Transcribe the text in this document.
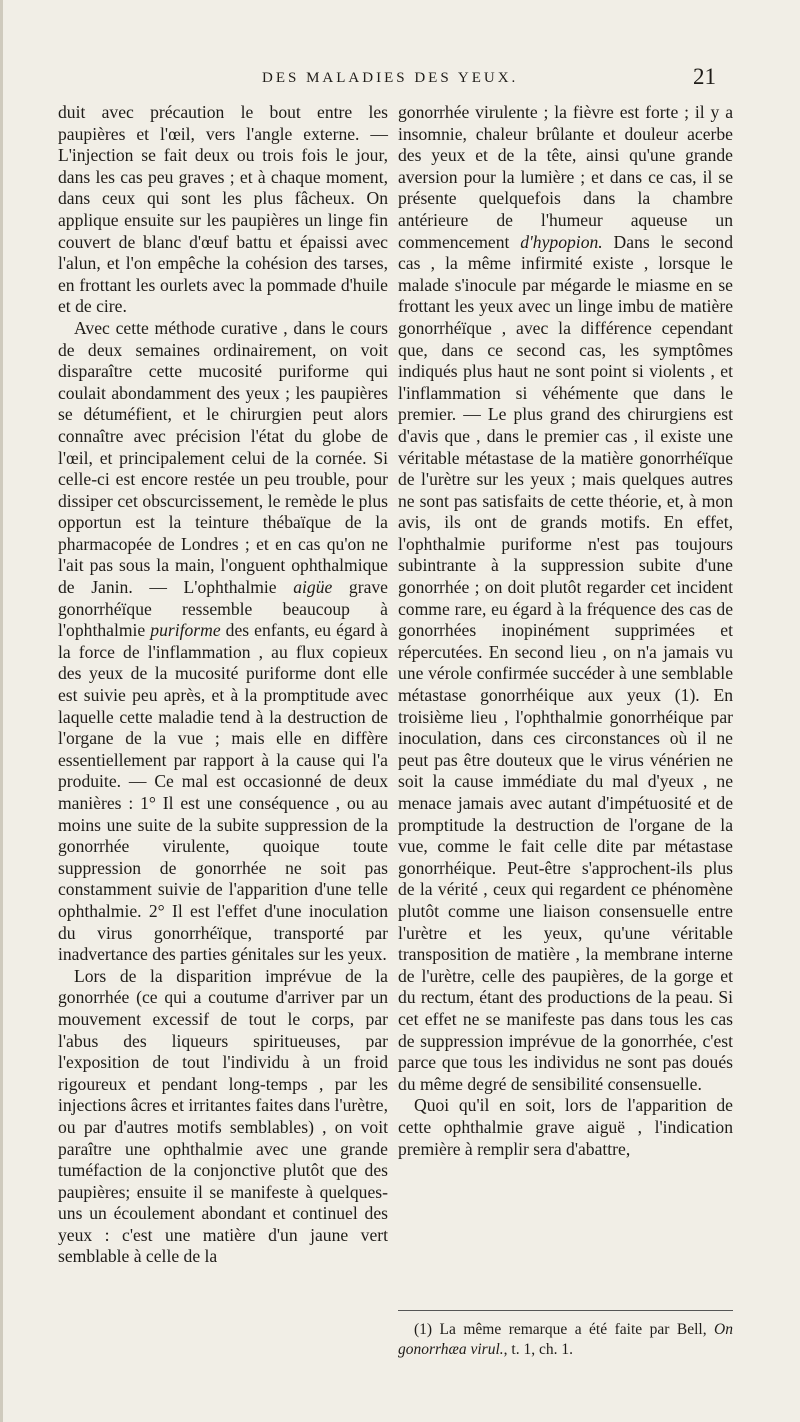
DES MALADIES DES YEUX.	21

duit avec précaution le bout entre les paupières et l'œil, vers l'angle externe. — L'injection se fait deux ou trois fois le jour, dans les cas peu graves ; et à chaque moment, dans ceux qui sont les plus fâcheux. On applique ensuite sur les paupières un linge fin couvert de blanc d'œuf battu et épaissi avec l'alun, et l'on empêche la cohésion des tarses, en frottant les ourlets avec la pommade d'huile et de cire.

Avec cette méthode curative , dans le cours de deux semaines ordinairement, on voit disparaître cette mucosité puriforme qui coulait abondamment des yeux ; les paupières se détuméfient, et le chirurgien peut alors connaître avec précision l'état du globe de l'œil, et principalement celui de la cornée. Si celle-ci est encore restée un peu trouble, pour dissiper cet obscurcissement, le remède le plus opportun est la teinture thébaïque de la pharmacopée de Londres ; et en cas qu'on ne l'ait pas sous la main, l'onguent ophthalmique de Janin. — L'ophthalmie aigüe grave gonorrhéïque ressemble beaucoup à l'ophthalmie puriforme des enfants, eu égard à la force de l'inflammation , au flux copieux des yeux de la mucosité puriforme dont elle est suivie peu après, et à la promptitude avec laquelle cette maladie tend à la destruction de l'organe de la vue ; mais elle en diffère essentiellement par rapport à la cause qui l'a produite. — Ce mal est occasionné de deux manières : 1° Il est une conséquence , ou au moins une suite de la subite suppression de la gonorrhée virulente, quoique toute suppression de gonorrhée ne soit pas constamment suivie de l'apparition d'une telle ophthalmie. 2° Il est l'effet d'une inoculation du virus gonorrhéïque, transporté par inadvertance des parties génitales sur les yeux.

Lors de la disparition imprévue de la gonorrhée (ce qui a coutume d'arriver par un mouvement excessif de tout le corps, par l'abus des liqueurs spiritueuses, par l'exposition de tout l'individu à un froid rigoureux et pendant long-temps , par les injections âcres et irritantes faites dans l'urètre, ou par d'autres motifs semblables) , on voit paraître une ophthalmie avec une grande tuméfaction de la conjonctive plutôt que des paupières; ensuite il se manifeste à quelques-uns un écoulement abondant et continuel des yeux : c'est une matière d'un jaune vert semblable à celle de la

gonorrhée virulente ; la fièvre est forte ; il y a insomnie, chaleur brûlante et douleur acerbe des yeux et de la tête, ainsi qu'une grande aversion pour la lumière ; et dans ce cas, il se présente quelquefois dans la chambre antérieure de l'humeur aqueuse un commencement d'hypopion. Dans le second cas , la même infirmité existe , lorsque le malade s'inocule par mégarde le miasme en se frottant les yeux avec un linge imbu de matière gonorrhéïque , avec la différence cependant que, dans ce second cas, les symptômes indiqués plus haut ne sont point si violents , et l'inflammation si véhémente que dans le premier. — Le plus grand des chirurgiens est d'avis que , dans le premier cas , il existe une véritable métastase de la matière gonorrhéïque de l'urètre sur les yeux ; mais quelques autres ne sont pas satisfaits de cette théorie, et, à mon avis, ils ont de grands motifs. En effet, l'ophthalmie puriforme n'est pas toujours subintrante à la suppression subite d'une gonorrhée ; on doit plutôt regarder cet incident comme rare, eu égard à la fréquence des cas de gonorrhées inopinément supprimées et répercutées. En second lieu , on n'a jamais vu une vérole confirmée succéder à une semblable métastase gonorrhéique aux yeux (1). En troisième lieu , l'ophthalmie gonorrhéique par inoculation, dans ces circonstances où il ne peut pas être douteux que le virus vénérien ne soit la cause immédiate du mal d'yeux , ne menace jamais avec autant d'impétuosité et de promptitude la destruction de l'organe de la vue, comme le fait celle dite par métastase gonorrhéique. Peut-être s'approchent-ils plus de la vérité , ceux qui regardent ce phénomène plutôt comme une liaison consensuelle entre l'urètre et les yeux, qu'une véritable transposition de matière , la membrane interne de l'urètre, celle des paupières, de la gorge et du rectum, étant des productions de la peau. Si cet effet ne se manifeste pas dans tous les cas de suppression imprévue de la gonorrhée, c'est parce que tous les individus ne sont pas doués du même degré de sensibilité consensuelle.

Quoi qu'il en soit, lors de l'apparition de cette ophthalmie grave aiguë , l'indication première à remplir sera d'abattre,

(1) La même remarque a été faite par Bell, On gonorrhæa virul., t. 1, ch. 1.
